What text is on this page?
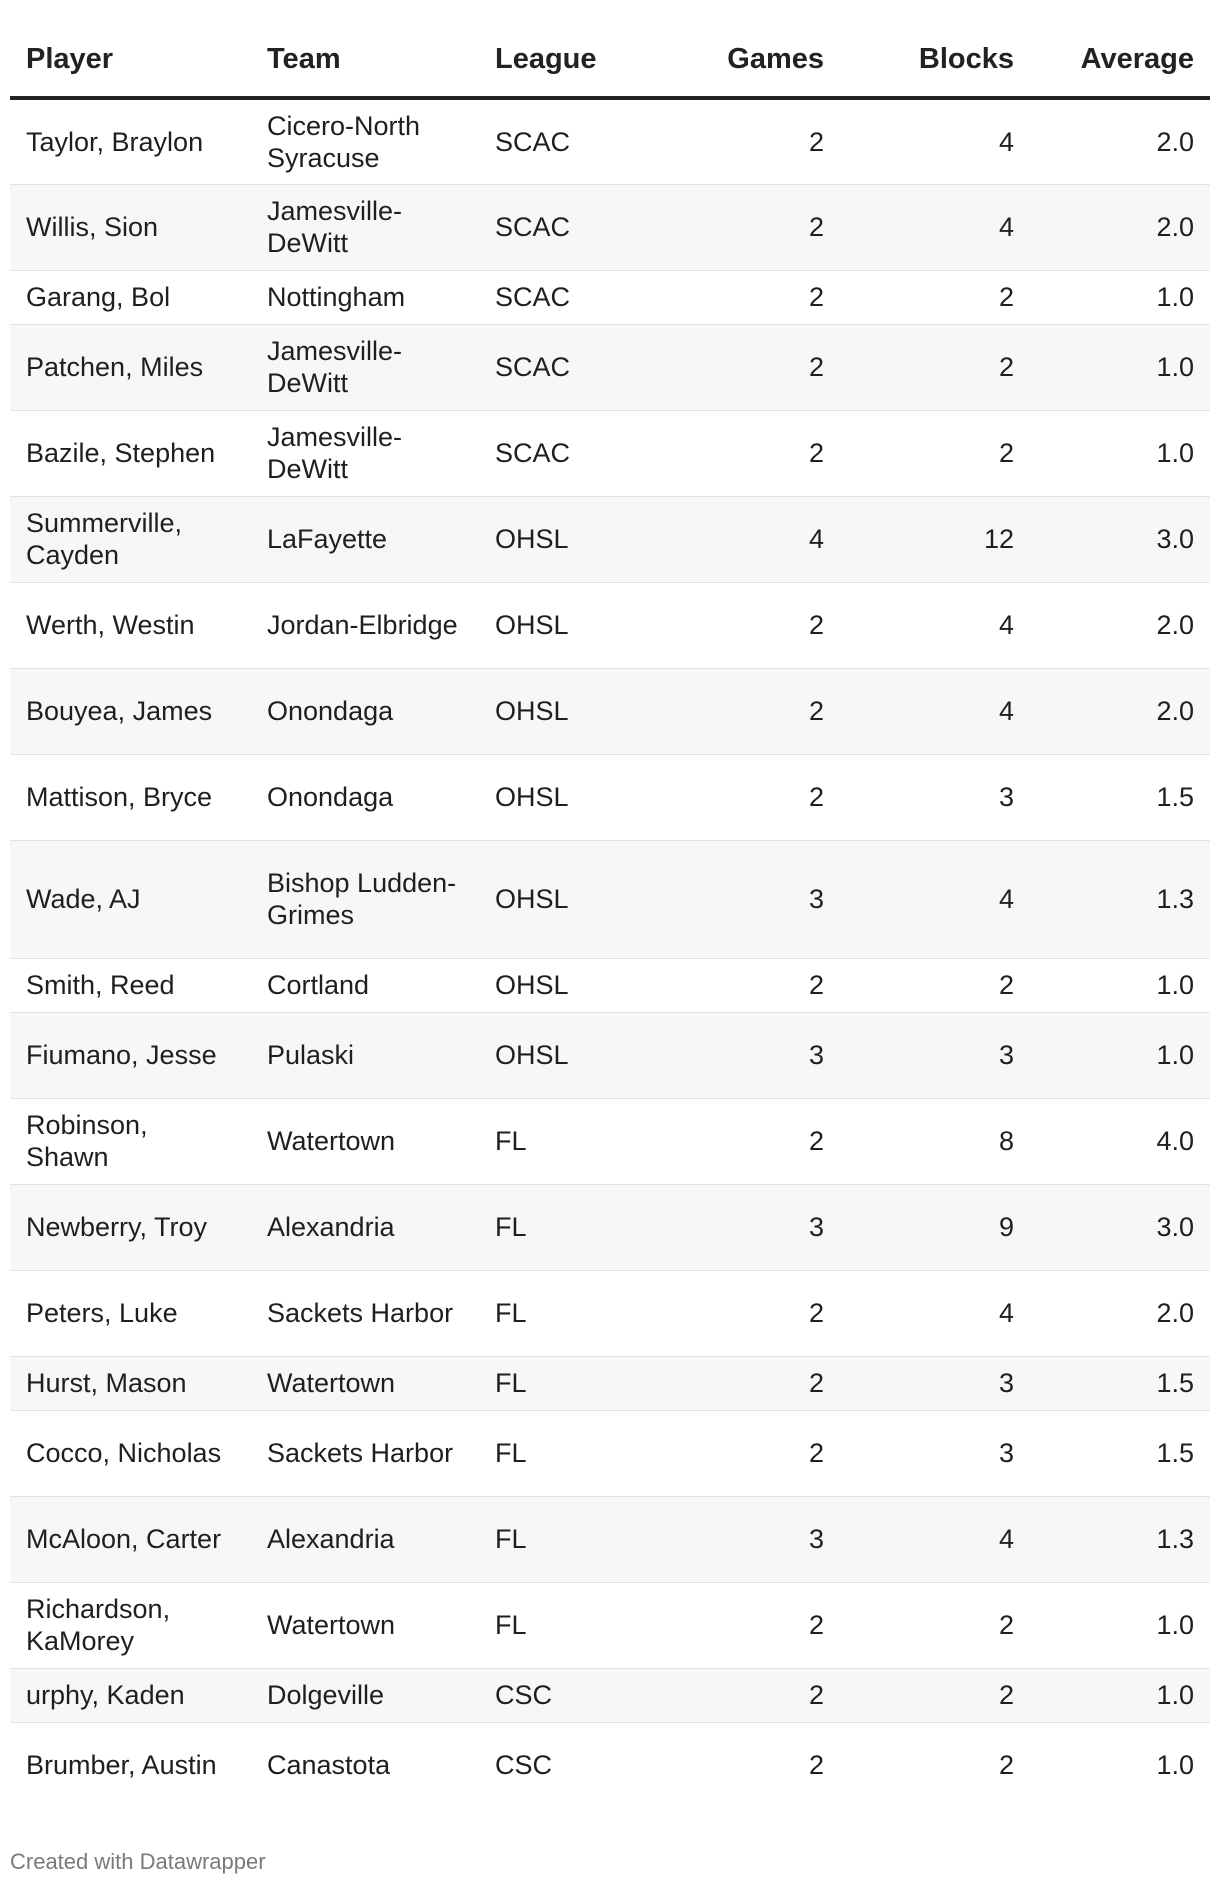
Player	Team	League	Games	Blocks	Average
Taylor, Braylon	Cicero-North Syracuse	SCAC	2	4	2.0
Willis, Sion	Jamesville-DeWitt	SCAC	2	4	2.0
Garang, Bol	Nottingham	SCAC	2	2	1.0
Patchen, Miles	Jamesville-DeWitt	SCAC	2	2	1.0
Bazile, Stephen	Jamesville-DeWitt	SCAC	2	2	1.0
Summerville, Cayden	LaFayette	OHSL	4	12	3.0
Werth, Westin	Jordan-Elbridge	OHSL	2	4	2.0
Bouyea, James	Onondaga	OHSL	2	4	2.0
Mattison, Bryce	Onondaga	OHSL	2	3	1.5
Wade, AJ	Bishop Ludden-Grimes	OHSL	3	4	1.3
Smith, Reed	Cortland	OHSL	2	2	1.0
Fiumano, Jesse	Pulaski	OHSL	3	3	1.0
Robinson, Shawn	Watertown	FL	2	8	4.0
Newberry, Troy	Alexandria	FL	3	9	3.0
Peters, Luke	Sackets Harbor	FL	2	4	2.0
Hurst, Mason	Watertown	FL	2	3	1.5
Cocco, Nicholas	Sackets Harbor	FL	2	3	1.5
McAloon, Carter	Alexandria	FL	3	4	1.3
Richardson, KaMorey	Watertown	FL	2	2	1.0
urphy, Kaden	Dolgeville	CSC	2	2	1.0
Brumber, Austin	Canastota	CSC	2	2	1.0
Created with Datawrapper
